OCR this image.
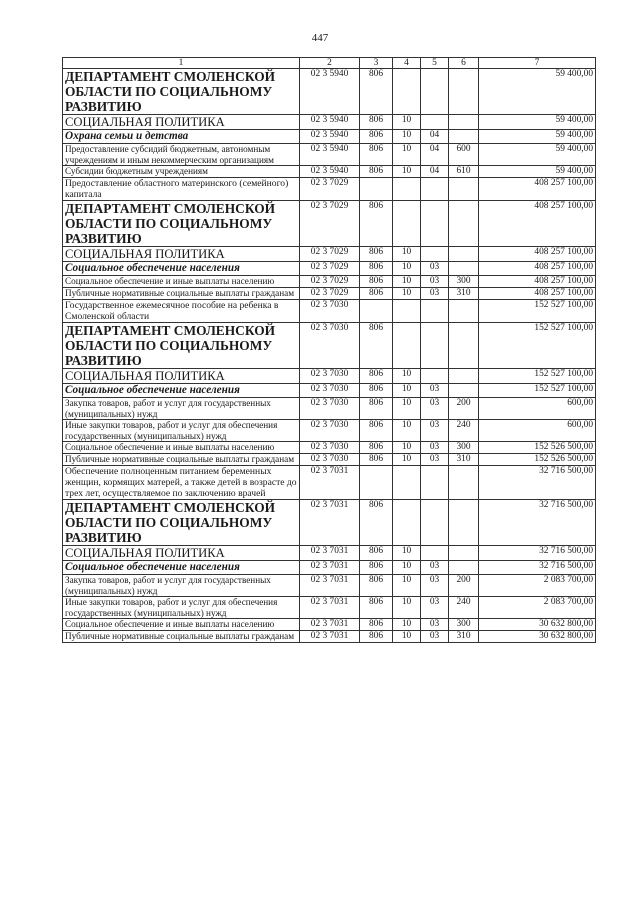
447
1	2	3	4	5	6	7
ДЕПАРТАМЕНТ СМОЛЕНСКОЙ ОБЛАСТИ ПО СОЦИАЛЬНОМУ РАЗВИТИЮ	02 3 5940	806				59 400,00
СОЦИАЛЬНАЯ ПОЛИТИКА	02 3 5940	806	10			59 400,00
Охрана семьи и детства	02 3 5940	806	10	04		59 400,00
Предоставление субсидий бюджетным, автономным учреждениям и иным некоммерческим организациям	02 3 5940	806	10	04	600	59 400,00
Субсидии бюджетным учреждениям	02 3 5940	806	10	04	610	59 400,00
Предоставление областного материнского (семейного) капитала	02 3 7029					408 257 100,00
ДЕПАРТАМЕНТ СМОЛЕНСКОЙ ОБЛАСТИ ПО СОЦИАЛЬНОМУ РАЗВИТИЮ	02 3 7029	806				408 257 100,00
СОЦИАЛЬНАЯ ПОЛИТИКА	02 3 7029	806	10			408 257 100,00
Социальное обеспечение населения	02 3 7029	806	10	03		408 257 100,00
Социальное обеспечение и иные выплаты населению	02 3 7029	806	10	03	300	408 257 100,00
Публичные нормативные социальные выплаты гражданам	02 3 7029	806	10	03	310	408 257 100,00
Государственное ежемесячное пособие на ребенка в Смоленской области	02 3 7030					152 527 100,00
ДЕПАРТАМЕНТ СМОЛЕНСКОЙ ОБЛАСТИ ПО СОЦИАЛЬНОМУ РАЗВИТИЮ	02 3 7030	806				152 527 100,00
СОЦИАЛЬНАЯ ПОЛИТИКА	02 3 7030	806	10			152 527 100,00
Социальное обеспечение населения	02 3 7030	806	10	03		152 527 100,00
Закупка товаров, работ и услуг для государственных (муниципальных) нужд	02 3 7030	806	10	03	200	600,00
Иные закупки товаров, работ и услуг для обеспечения государственных (муниципальных) нужд	02 3 7030	806	10	03	240	600,00
Социальное обеспечение и иные выплаты населению	02 3 7030	806	10	03	300	152 526 500,00
Публичные нормативные социальные выплаты гражданам	02 3 7030	806	10	03	310	152 526 500,00
Обеспечение полноценным питанием беременных женщин, кормящих матерей, а также детей в возрасте до трех лет, осуществляемое по заключению врачей	02 3 7031					32 716 500,00
ДЕПАРТАМЕНТ СМОЛЕНСКОЙ ОБЛАСТИ ПО СОЦИАЛЬНОМУ РАЗВИТИЮ	02 3 7031	806				32 716 500,00
СОЦИАЛЬНАЯ ПОЛИТИКА	02 3 7031	806	10			32 716 500,00
Социальное обеспечение населения	02 3 7031	806	10	03		32 716 500,00
Закупка товаров, работ и услуг для государственных (муниципальных) нужд	02 3 7031	806	10	03	200	2 083 700,00
Иные закупки товаров, работ и услуг для обеспечения государственных (муниципальных) нужд	02 3 7031	806	10	03	240	2 083 700,00
Социальное обеспечение и иные выплаты населению	02 3 7031	806	10	03	300	30 632 800,00
Публичные нормативные социальные выплаты гражданам	02 3 7031	806	10	03	310	30 632 800,00
